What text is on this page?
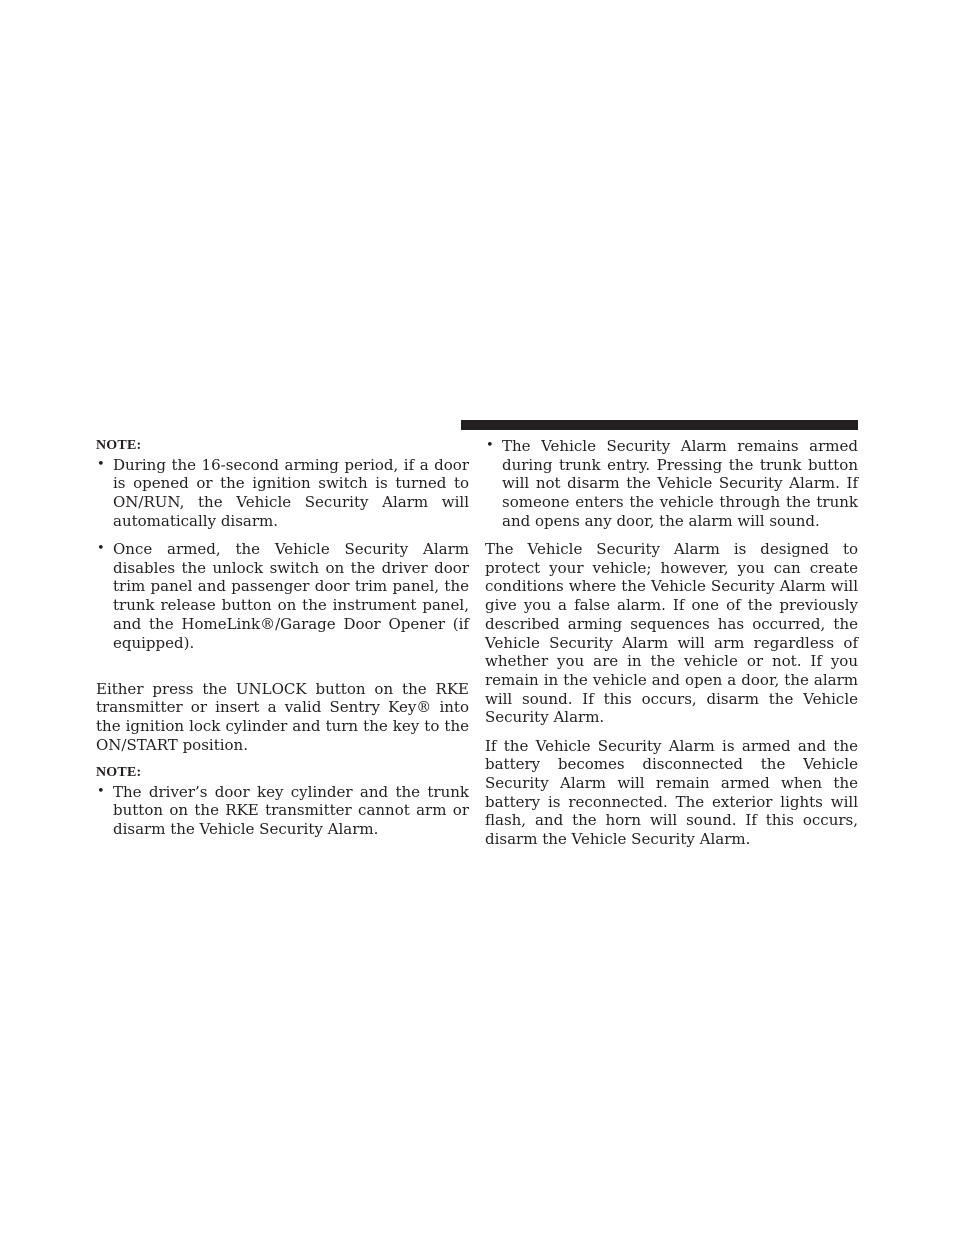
NOTE:
• During the 16-second arming period, if a door is opened or the ignition switch is turned to ON/RUN, the Vehicle Security Alarm will automatically disarm.
• Once armed, the Vehicle Security Alarm disables the unlock switch on the driver door trim panel and passenger door trim panel, the trunk release button on the instrument panel, and the HomeLink®/Garage Door Opener (if equipped).

Either press the UNLOCK button on the RKE transmitter or insert a valid Sentry Key® into the ignition lock cylinder and turn the key to the ON/START position.

NOTE:
• The driver’s door key cylinder and the trunk button on the RKE transmitter cannot arm or disarm the Vehicle Security Alarm.
• The Vehicle Security Alarm remains armed during trunk entry. Pressing the trunk button will not disarm the Vehicle Security Alarm. If someone enters the vehicle through the trunk and opens any door, the alarm will sound.

The Vehicle Security Alarm is designed to protect your vehicle; however, you can create conditions where the Vehicle Security Alarm will give you a false alarm. If one of the previously described arming sequences has occurred, the Vehicle Security Alarm will arm regardless of whether you are in the vehicle or not. If you remain in the vehicle and open a door, the alarm will sound. If this occurs, disarm the Vehicle Security Alarm.

If the Vehicle Security Alarm is armed and the battery becomes disconnected the Vehicle Security Alarm will remain armed when the battery is reconnected. The exterior lights will flash, and the horn will sound. If this occurs, disarm the Vehicle Security Alarm.
